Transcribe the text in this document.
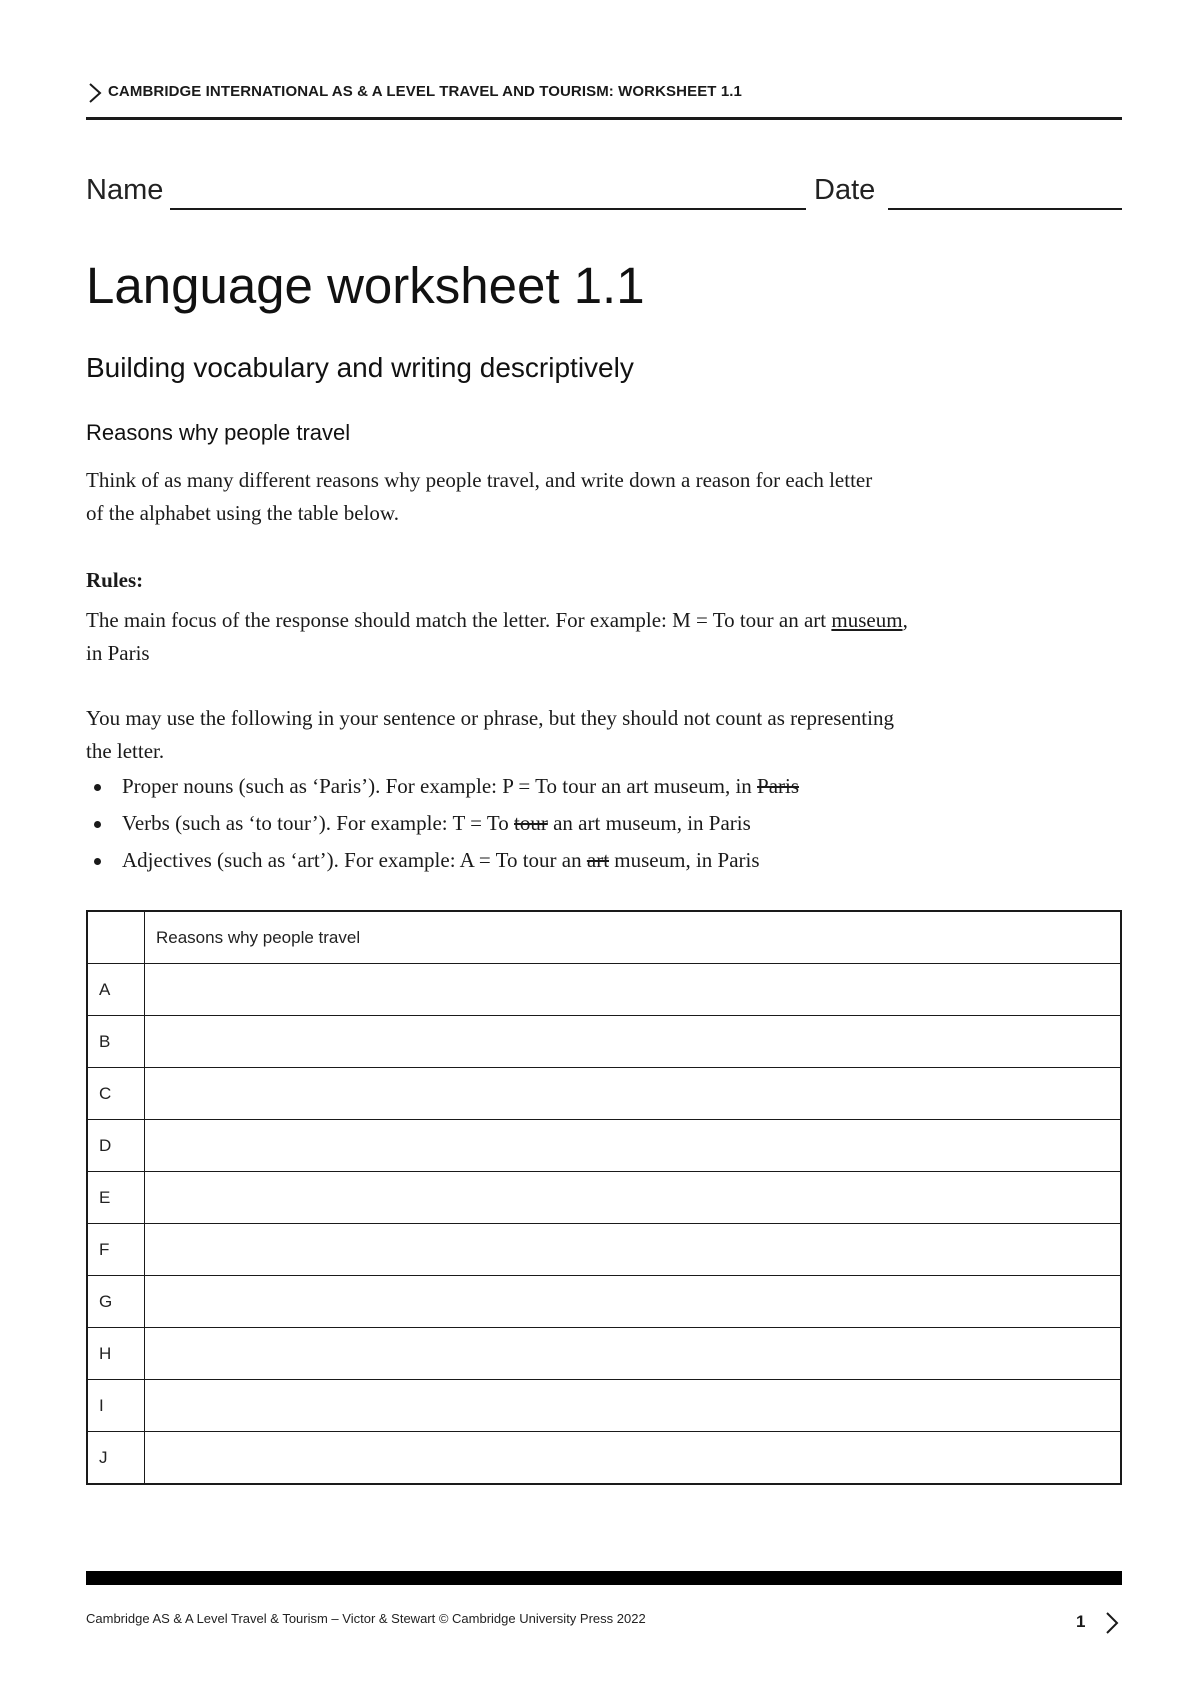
CAMBRIDGE INTERNATIONAL AS & A LEVEL TRAVEL AND TOURISM: WORKSHEET 1.1
Name	Date
Language worksheet 1.1
Building vocabulary and writing descriptively
Reasons why people travel
Think of as many different reasons why people travel, and write down a reason for each letter
of the alphabet using the table below.
Rules:
The main focus of the response should match the letter. For example: M = To tour an art museum,
in Paris
You may use the following in your sentence or phrase, but they should not count as representing
the letter.
Proper nouns (such as ‘Paris’). For example: P = To tour an art museum, in Paris
Verbs (such as ‘to tour’). For example: T = To tour an art museum, in Paris
Adjectives (such as ‘art’). For example: A = To tour an art museum, in Paris
	Reasons why people travel
A	
B	
C	
D	
E	
F	
G	
H	
I	
J	
Cambridge AS & A Level Travel & Tourism – Victor & Stewart © Cambridge University Press 2022	1
